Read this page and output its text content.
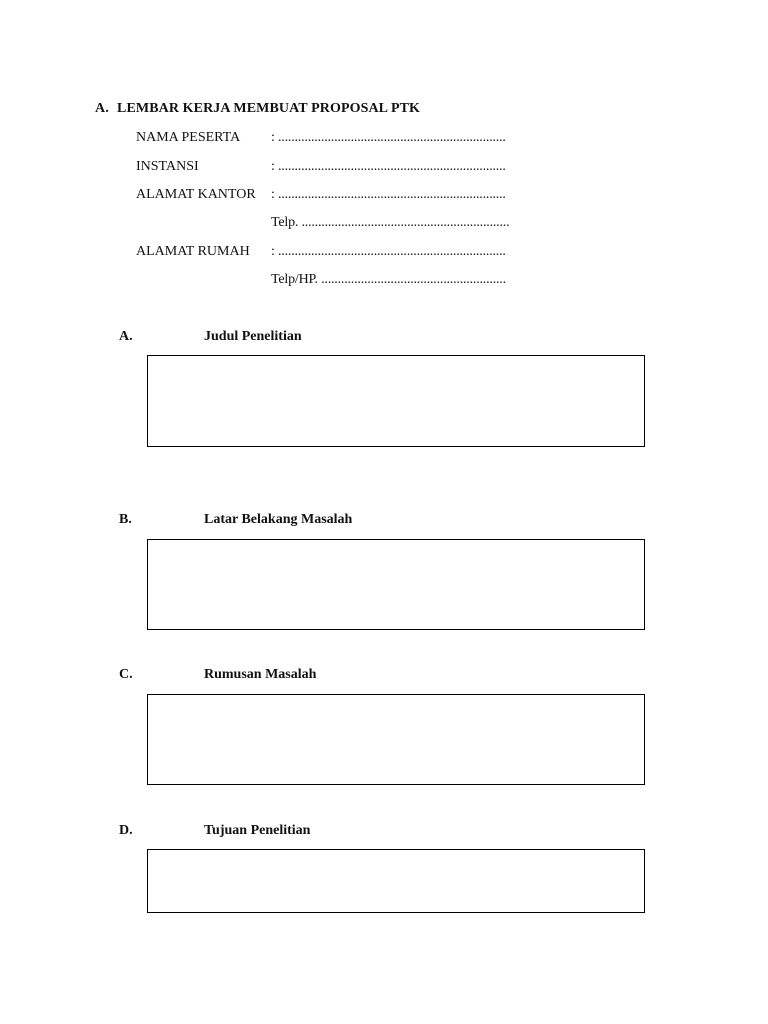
A. LEMBAR KERJA MEMBUAT PROPOSAL PTK
NAMA PESERTA : .....................................................................
INSTANSI	: .....................................................................
ALAMAT KANTOR : .....................................................................
Telp. ...............................................................
ALAMAT RUMAH : .....................................................................
Telp/HP. ........................................................
A.	Judul Penelitian
B.	Latar Belakang Masalah
C.	Rumusan Masalah
D.	Tujuan Penelitian
